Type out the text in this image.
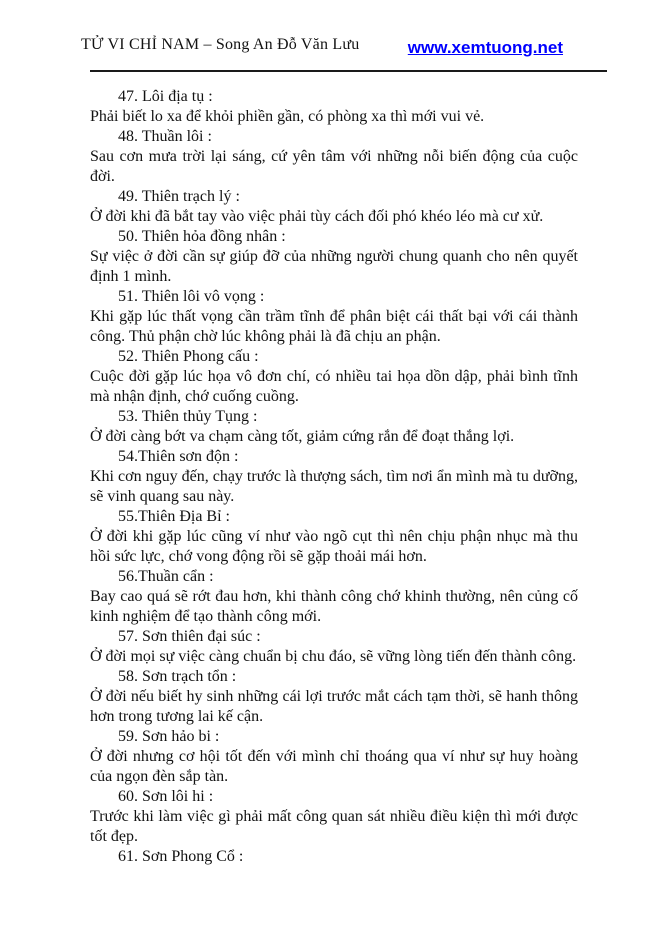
TỬ VI CHỈ NAM – Song An Đỗ Văn Lưu	www.xemtuong.net
47. Lôi địa tụ :

Phải biết lo xa để khỏi phiền gần, có phòng xa thì mới vui vẻ.

48. Thuần lôi :

Sau cơn mưa trời lại sáng, cứ yên tâm với những nỗi biến động của cuộc đời.

49. Thiên trạch lý :

Ở đời khi đã bắt tay vào việc phải tùy cách đối phó khéo léo mà cư xử.

50. Thiên hỏa đồng nhân :

Sự việc ở đời cần sự giúp đỡ của những người chung quanh cho nên quyết định 1 mình.

51. Thiên lôi vô vọng :

Khi gặp lúc thất vọng cần trầm tĩnh để phân biệt cái thất bại với cái thành công. Thủ phận chờ lúc không phải là đã chịu an phận.

52. Thiên Phong cấu :

Cuộc đời gặp lúc họa vô đơn chí, có nhiều tai họa dồn dập, phải bình tĩnh mà nhận định, chớ cuống cuồng.

53. Thiên thủy Tụng :

Ở đời càng bớt va chạm càng tốt, giảm cứng rắn để đoạt thắng lợi.

54.Thiên sơn độn :

Khi cơn nguy đến, chạy trước là thượng sách, tìm nơi ẩn mình mà tu dưỡng, sẽ vinh quang sau này.

55.Thiên Địa Bỉ :

Ở đời khi gặp lúc cũng ví như vào ngõ cụt thì nên chịu phận nhục mà thu hồi sức lực, chớ vong động rồi sẽ gặp thoải mái hơn.

56.Thuần cẩn :

Bay cao quá sẽ rớt đau hơn, khi thành công chớ khinh thường, nên củng cố kinh nghiệm để tạo thành công mới.

57. Sơn thiên đại súc :

Ở đời mọi sự việc càng chuẩn bị chu đáo, sẽ vững lòng tiến đến thành công.

58. Sơn trạch tổn :

Ở đời nếu biết hy sinh những cái lợi trước mắt cách tạm thời, sẽ hanh thông hơn trong tương lai kế cận.

59. Sơn hảo bi :

Ở đời nhưng cơ hội tốt đến với mình chỉ thoáng qua ví như sự huy hoàng của ngọn đèn sắp tàn.

60. Sơn lôi hi :

Trước khi làm việc gì phải mất công quan sát nhiều điều kiện thì mới được tốt đẹp.

61. Sơn Phong Cổ :
